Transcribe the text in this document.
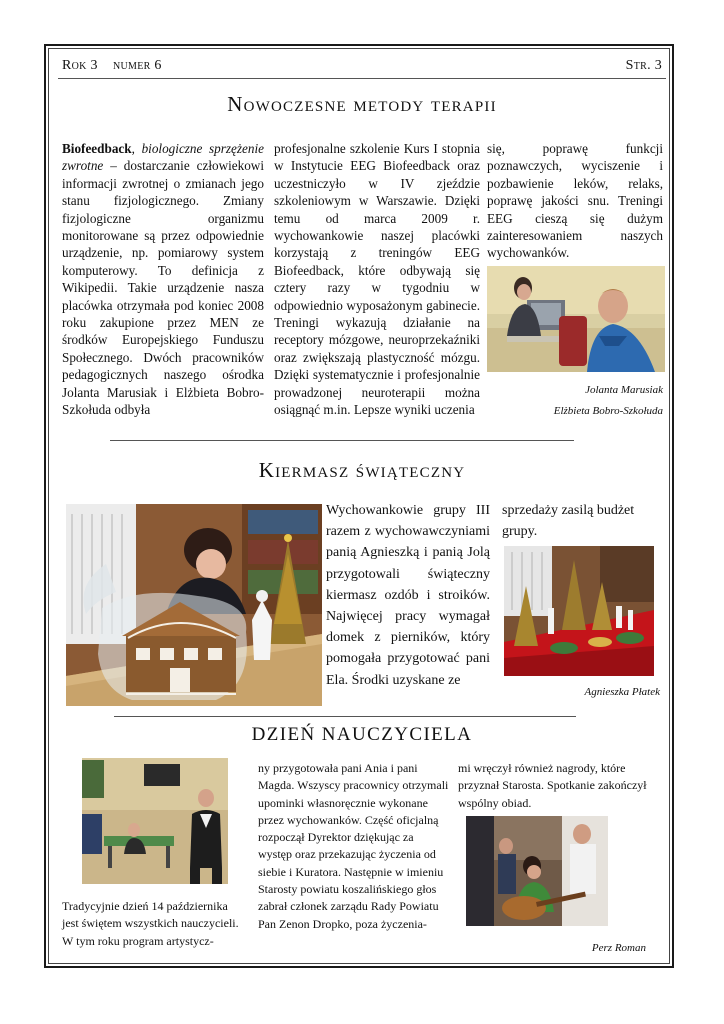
Rok 3    numer 6	Str. 3
Nowoczesne metody terapii

Biofeedback, biologiczne sprzężenie zwrotne – dostarczanie człowiekowi informacji zwrotnej o zmianach jego stanu fizjologicznego. Zmiany fizjologiczne organizmu monitorowane są przez odpowiednie urządzenie, np. pomiarowy system komputerowy. To definicja z Wikipedii. Takie urządzenie nasza placówka otrzymała pod koniec 2008 roku zakupione przez MEN ze środków Europejskiego Funduszu Społecznego. Dwóch pracowników pedagogicznych naszego ośrodka Jolanta Marusiak i Elżbieta Bobro-Szkołuda odbyła

profesjonalne szkolenie Kurs I stopnia w Instytucie EEG Biofeedback oraz uczestniczyło w IV zjeździe szkoleniowym w Warszawie. Dzięki temu od marca 2009 r. wychowankowie naszej placówki korzystają z treningów EEG Biofeedback, które odbywają się cztery razy w tygodniu w odpowiednio wyposażonym gabinecie. Treningi wykazują działanie na receptory mózgowe, neuroprzekaźniki oraz zwiększają plastyczność mózgu. Dzięki systematycznie i profesjonalnie prowadzonej neuroterapii można osiągnąć m.in. Lepsze wyniki uczenia

się, poprawę funkcji poznawczych, wyciszenie i pozbawienie leków, relaks, poprawę jakości snu. Treningi EEG cieszą się dużym zainteresowaniem naszych wychowanków.

Jolanta Marusiak
Elżbieta Bobro-Szkołuda
Kiermasz świąteczny

Wychowankowie grupy III razem z wychowawczyniami panią Agnieszką i panią Jolą przygotowali świąteczny kiermasz ozdób i stroików. Najwięcej pracy wymagał domek z pierników, który pomogała przygotować pani Ela. Środki uzyskane ze

sprzedaży zasilą budżet grupy.

Agnieszka Płatek
DZIEŃ NAUCZYCIELA

Tradycyjnie dzień 14 października jest świętem wszystkich nauczycieli. W tym roku program artystycz-

ny przygotowała pani Ania i pani Magda. Wszyscy pracownicy otrzymali upominki własnoręcznie wykonane przez wychowanków. Część oficjalną rozpoczął Dyrektor dziękując za występ oraz przekazując życzenia od siebie i Kuratora. Następnie w imieniu Starosty powiatu koszalińskiego głos zabrał członek zarządu Rady Powiatu Pan Zenon Dropko, poza życzenia-

mi wręczył również nagrody, które przyznał Starosta. Spotkanie zakończył wspólny obiad.

Perz Roman
